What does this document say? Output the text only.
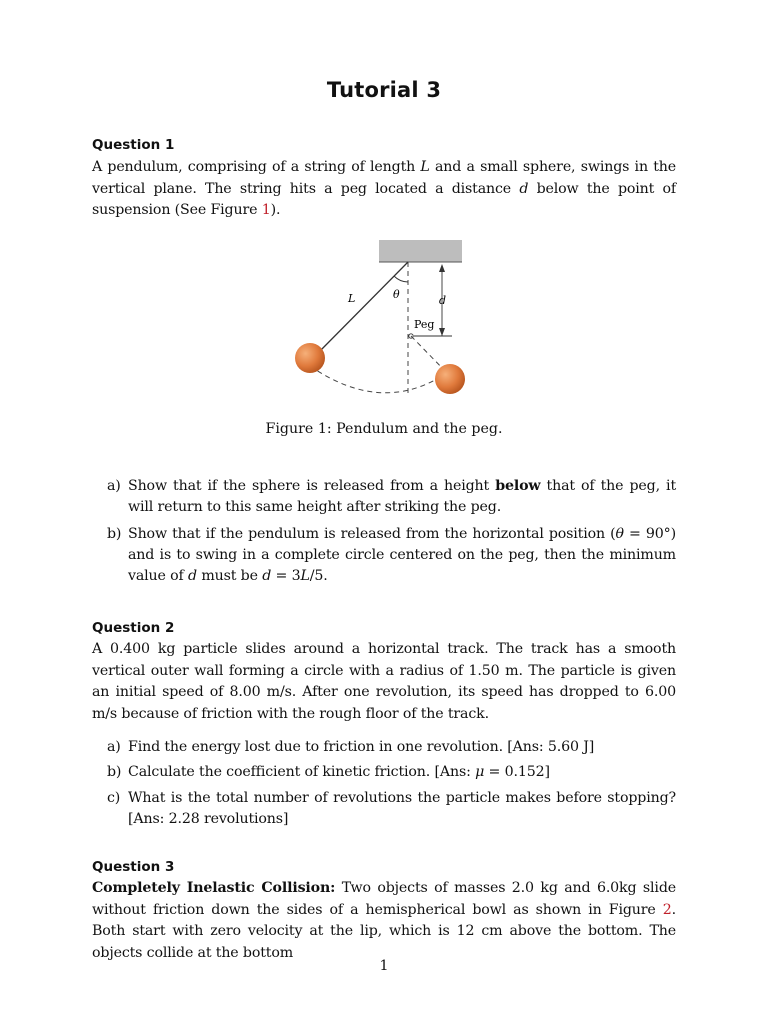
Tutorial 3
Question 1
A pendulum, comprising of a string of length L and a small sphere, swings in the vertical plane. The string hits a peg located a distance d below the point of suspension (See Figure 1).
L	θ	d
Peg
Figure 1: Pendulum and the peg.
a) Show that if the sphere is released from a height below that of the peg, it will return to this same height after striking the peg.
b) Show that if the pendulum is released from the horizontal position (θ = 90°) and is to swing in a complete circle centered on the peg, then the minimum value of d must be d = 3L/5.
Question 2
A 0.400 kg particle slides around a horizontal track. The track has a smooth vertical outer wall forming a circle with a radius of 1.50 m. The particle is given an initial speed of 8.00 m/s. After one revolution, its speed has dropped to 6.00 m/s because of friction with the rough floor of the track.
a) Find the energy lost due to friction in one revolution. [Ans: 5.60 J]
b) Calculate the coefficient of kinetic friction. [Ans: μ = 0.152]
c) What is the total number of revolutions the particle makes before stopping? [Ans: 2.28 revolutions]
Question 3
Completely Inelastic Collision: Two objects of masses 2.0 kg and 6.0kg slide without friction down the sides of a hemispherical bowl as shown in Figure 2. Both start with zero velocity at the lip, which is 12 cm above the bottom. The objects collide at the bottom
1
